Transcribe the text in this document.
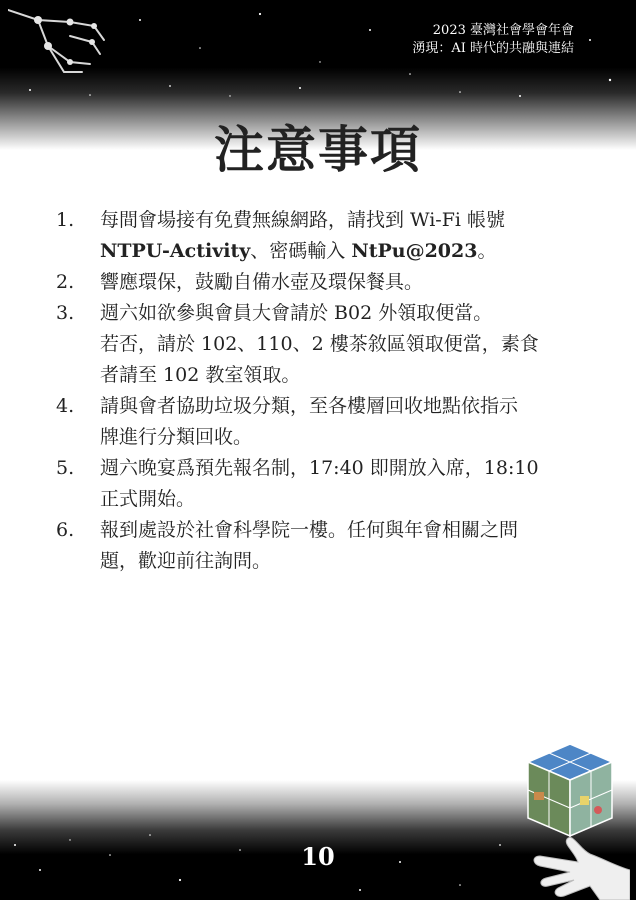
2023 臺灣社會學會年會
湧現：AI 時代的共融與連結
注意事項
1.	每間會場接有免費無線網路，請找到 Wi-Fi 帳號
NTPU-Activity、密碼輸入 NtPu@2023。
2.	響應環保，鼓勵自備水壺及環保餐具。
3.	週六如欲參與會員大會請於 B02 外領取便當。
若否，請於 102、110、2 樓茶敘區領取便當，素食
者請至 102 教室領取。
4.	請與會者協助垃圾分類，至各樓層回收地點依指示
牌進行分類回收。
5.	週六晚宴爲預先報名制，17:40 即開放入席，18:10
正式開始。
6.	報到處設於社會科學院一樓。任何與年會相關之問
題，歡迎前往詢問。
10
